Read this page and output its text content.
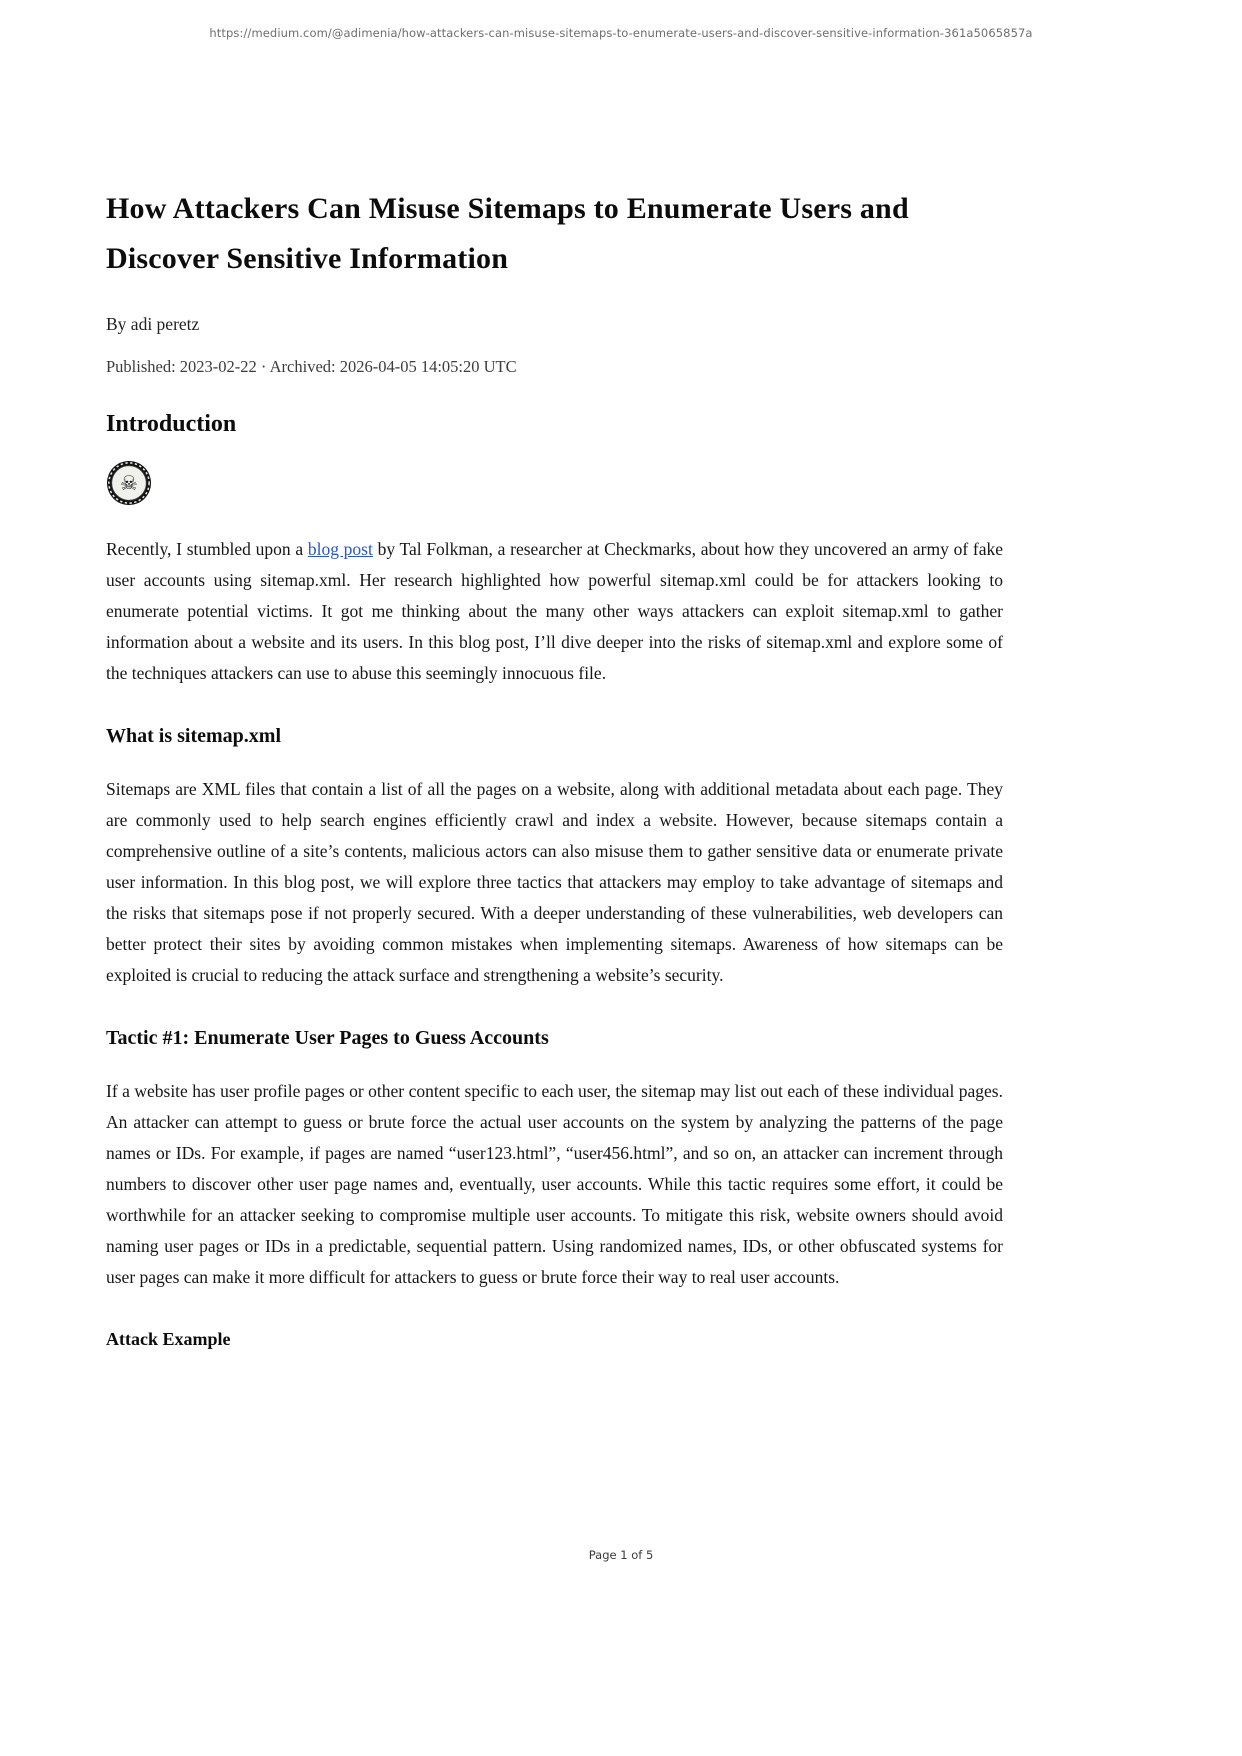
https://medium.com/@adimenia/how-attackers-can-misuse-sitemaps-to-enumerate-users-and-discover-sensitive-information-361a5065857a
How Attackers Can Misuse Sitemaps to Enumerate Users and Discover Sensitive Information
By adi peretz
Published: 2023-02-22 · Archived: 2026-04-05 14:05:20 UTC
Introduction
☠

Recently, I stumbled upon a blog post by Tal Folkman, a researcher at Checkmarks, about how they uncovered an army of fake user accounts using sitemap.xml. Her research highlighted how powerful sitemap.xml could be for attackers looking to enumerate potential victims. It got me thinking about the many other ways attackers can exploit sitemap.xml to gather information about a website and its users. In this blog post, I’ll dive deeper into the risks of sitemap.xml and explore some of the techniques attackers can use to abuse this seemingly innocuous file.

What is sitemap.xml

Sitemaps are XML files that contain a list of all the pages on a website, along with additional metadata about each page. They are commonly used to help search engines efficiently crawl and index a website. However, because sitemaps contain a comprehensive outline of a site’s contents, malicious actors can also misuse them to gather sensitive data or enumerate private user information. In this blog post, we will explore three tactics that attackers may employ to take advantage of sitemaps and the risks that sitemaps pose if not properly secured. With a deeper understanding of these vulnerabilities, web developers can better protect their sites by avoiding common mistakes when implementing sitemaps. Awareness of how sitemaps can be exploited is crucial to reducing the attack surface and strengthening a website’s security.

Tactic #1: Enumerate User Pages to Guess Accounts

If a website has user profile pages or other content specific to each user, the sitemap may list out each of these individual pages. An attacker can attempt to guess or brute force the actual user accounts on the system by analyzing the patterns of the page names or IDs. For example, if pages are named “user123.html”, “user456.html”, and so on, an attacker can increment through numbers to discover other user page names and, eventually, user accounts. While this tactic requires some effort, it could be worthwhile for an attacker seeking to compromise multiple user accounts. To mitigate this risk, website owners should avoid naming user pages or IDs in a predictable, sequential pattern. Using randomized names, IDs, or other obfuscated systems for user pages can make it more difficult for attackers to guess or brute force their way to real user accounts.

Attack Example
Page 1 of 5
